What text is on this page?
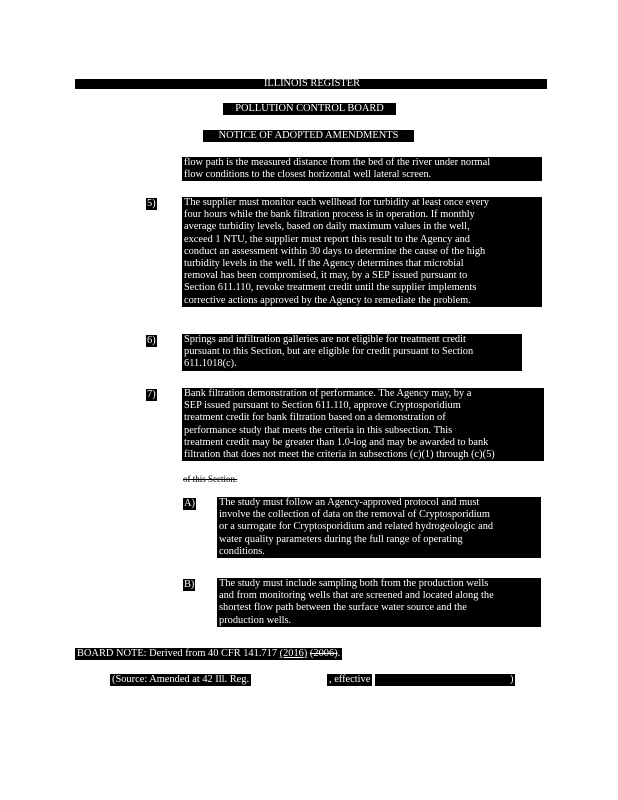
ILLINOIS REGISTER
POLLUTION CONTROL BOARD
NOTICE OF ADOPTED AMENDMENTS
flow path is the measured distance from the bed of the river under normal
flow conditions to the closest horizontal well lateral screen.
5)	The supplier must monitor each wellhead for turbidity at least once every
four hours while the bank filtration process is in operation. If monthly
average turbidity levels, based on daily maximum values in the well,
exceed 1 NTU, the supplier must report this result to the Agency and
conduct an assessment within 30 days to determine the cause of the high
turbidity levels in the well. If the Agency determines that microbial
removal has been compromised, it may, by a SEP issued pursuant to
Section 611.110, revoke treatment credit until the supplier implements
corrective actions approved by the Agency to remediate the problem.
6)	Springs and infiltration galleries are not eligible for treatment credit
pursuant to this Section, but are eligible for credit pursuant to Section
611.1018(c).
7)	Bank filtration demonstration of performance. The Agency may, by a
SEP issued pursuant to Section 611.110, approve Cryptosporidium
treatment credit for bank filtration based on a demonstration of
performance study that meets the criteria in this subsection. This
treatment credit may be greater than 1.0-log and may be awarded to bank
filtration that does not meet the criteria in subsections (c)(1) through (c)(5)
of this Section.
A) The study must follow an Agency-approved protocol and must
involve the collection of data on the removal of Cryptosporidium
or a surrogate for Cryptosporidium and related hydrogeologic and
water quality parameters during the full range of operating
conditions.
B) The study must include sampling both from the production wells
and from monitoring wells that are screened and located along the
shortest flow path between the surface water source and the
production wells.
BOARD NOTE: Derived from 40 CFR 141.717 (2016) (2006).
(Source: Amended at 42 Ill. Reg.	, effective	)
